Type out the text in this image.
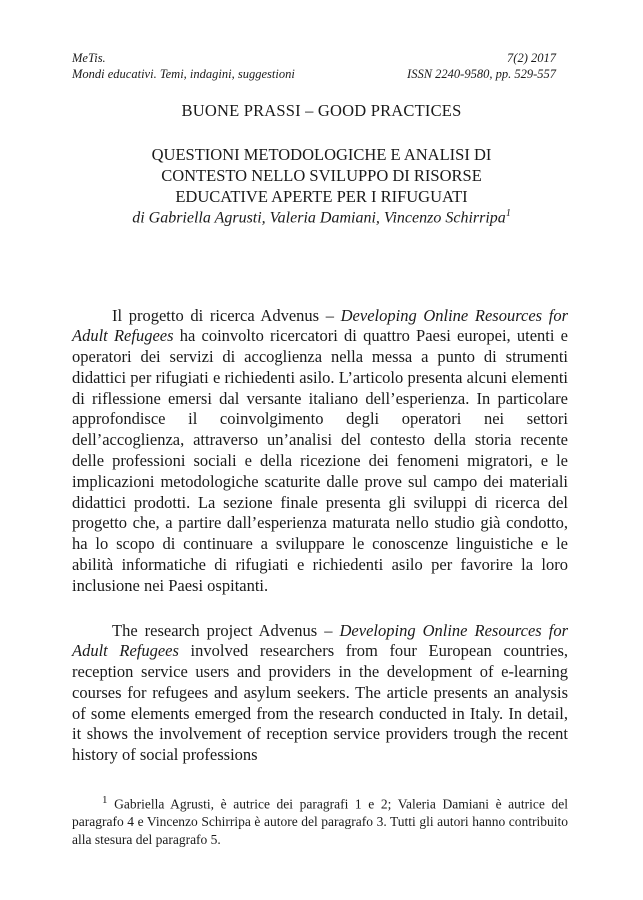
MeTis.	7(2) 2017
Mondi educativi. Temi, indagini, suggestioni	ISSN 2240-9580, pp. 529-557
BUONE PRASSI – GOOD PRACTICES
QUESTIONI METODOLOGICHE E ANALISI DI
CONTESTO NELLO SVILUPPO DI RISORSE
EDUCATIVE APERTE PER I RIFUGUATI
di Gabriella Agrusti, Valeria Damiani, Vincenzo Schirripa$^1$

Il progetto di ricerca Advenus – Developing Online Resources for Adult Refugees ha coinvolto ricercatori di quattro Paesi europei, utenti e operatori dei servizi di accoglienza nella messa a punto di strumenti didattici per rifugiati e richiedenti asilo. L’articolo presenta alcuni elementi di riflessione emersi dal versante italiano dell’esperienza. In particolare approfondisce il coinvolgimento degli operatori nei settori dell’accoglienza, attraverso un’analisi del contesto della storia recente delle professioni sociali e della ricezione dei fenomeni migratori, e le implicazioni metodologiche scaturite dalle prove sul campo dei materiali didattici prodotti. La sezione finale presenta gli sviluppi di ricerca del progetto che, a partire dall’esperienza maturata nello studio già condotto, ha lo scopo di continuare a sviluppare le conoscenze linguistiche e le abilità informatiche di rifugiati e richiedenti asilo per favorire la loro inclusione nei Paesi ospitanti.

The research project Advenus – Developing Online Resources for Adult Refugees involved researchers from four European countries, reception service users and providers in the development of e-learning courses for refugees and asylum seekers. The article presents an analysis of some elements emerged from the research conducted in Italy. In detail, it shows the involvement of reception service providers trough the recent history of social professions

$^1$ Gabriella Agrusti, è autrice dei paragrafi 1 e 2; Valeria Damiani è autrice del paragrafo 4 e Vincenzo Schirripa è autore del paragrafo 3. Tutti gli autori hanno contribuito alla stesura del paragrafo 5.
